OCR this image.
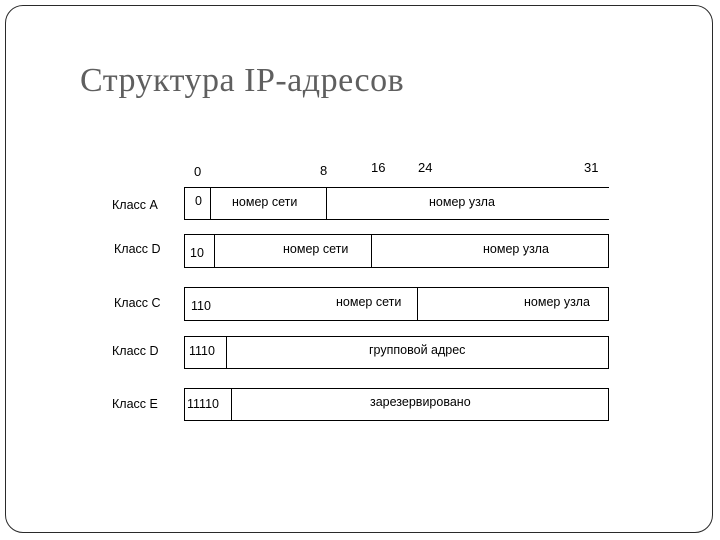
Структура IP-адресов
0	8	16	24	31
Класс А	0 номер сети	номер узла
Класс D 10	номер сети	номер узла
Класс С 110	номер сети	номер узла
Класс D 1110	групповой адрес
Класс Е 11110	зарезервировано
